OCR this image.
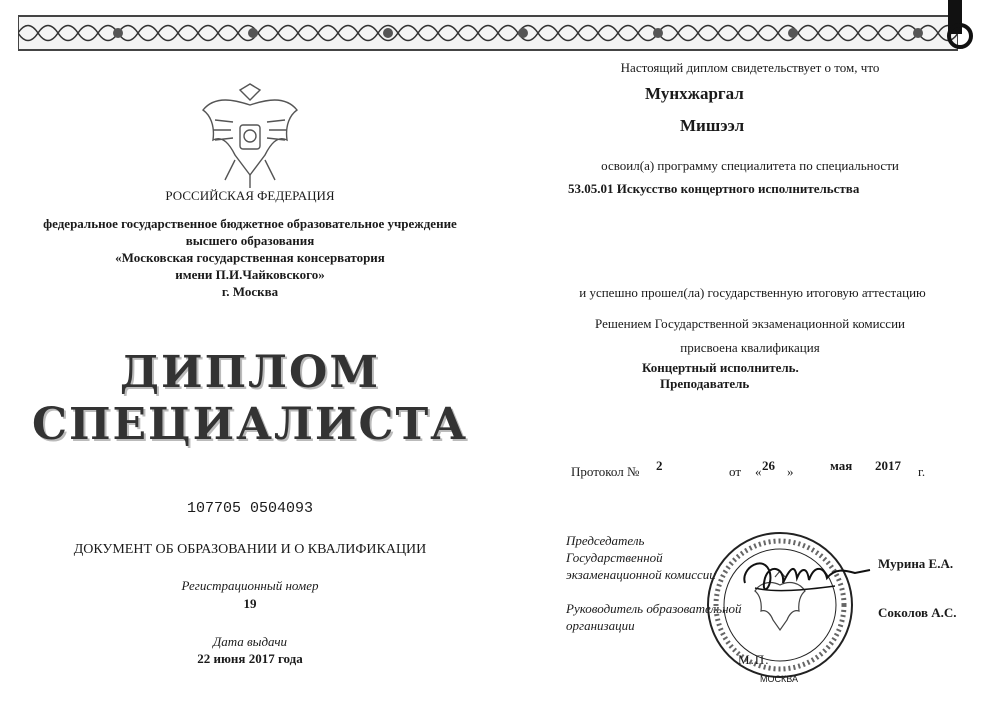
РОССИЙСКАЯ ФЕДЕРАЦИЯ
федеральное государственное бюджетное образовательное учреждение
высшего образования
«Московская государственная консерватория
имени П.И.Чайковского»
г. Москва
ДИПЛОМ
СПЕЦИАЛИСТА
107705 0504093
ДОКУМЕНТ ОБ ОБРАЗОВАНИИ И О КВАЛИФИКАЦИИ
Регистрационный номер
19
Дата выдачи
22 июня 2017 года
Настоящий диплом свидетельствует о том, что
Мунхжаргал
Мишээл
освоил(а) программу специалитета по специальности
53.05.01 Искусство концертного исполнительства
и успешно прошел(ла) государственную итоговую аттестацию
Решением Государственной экзаменационной комиссии
присвоена квалификация
Концертный исполнитель.
Преподаватель
Протокол № 2	от « 26 »	мая 2017 г.
Председатель
Государственной
экзаменационной комиссии
Мурина Е.А.
Руководитель образовательной
организации
Соколов А.С.
М.П.
МОСКВА
